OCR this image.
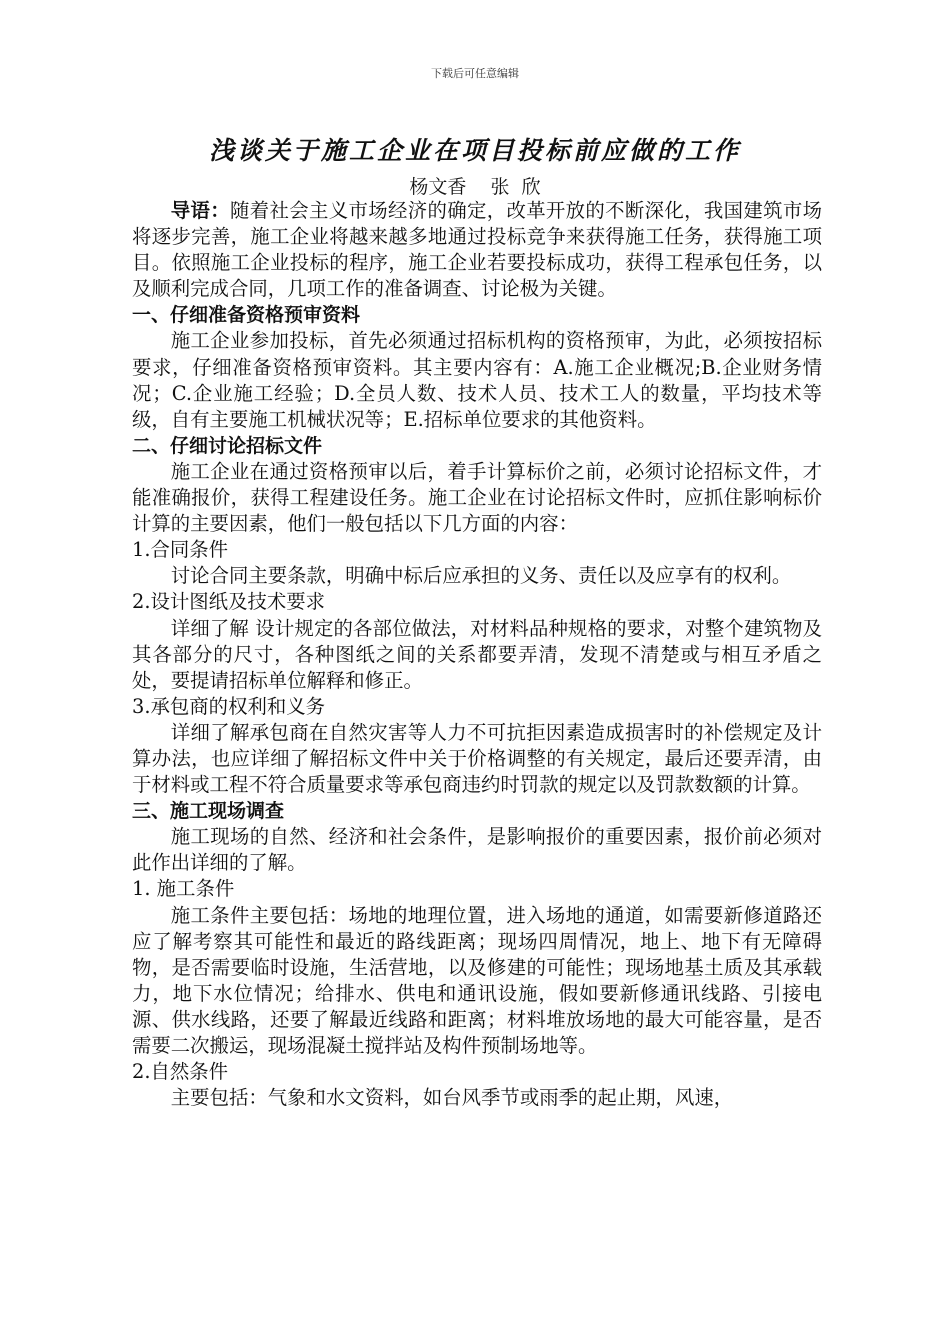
下载后可任意编辑
浅谈关于施工企业在项目投标前应做的工作
杨文香    张  欣

导语：随着社会主义市场经济的确定，改革开放的不断深化，我国建筑市场将逐步完善，施工企业将越来越多地通过投标竞争来获得施工任务，获得施工项目。依照施工企业投标的程序，施工企业若要投标成功，获得工程承包任务，以及顺利完成合同，几项工作的准备调查、讨论极为关键。

一、仔细准备资格预审资料

施工企业参加投标，首先必须通过招标机构的资格预审，为此，必须按招标要求，仔细准备资格预审资料。其主要内容有：A.施工企业概况;B.企业财务情况；C.企业施工经验；D.全员人数、技术人员、技术工人的数量，平均技术等级，自有主要施工机械状况等；E.招标单位要求的其他资料。

二、仔细讨论招标文件

施工企业在通过资格预审以后，着手计算标价之前，必须讨论招标文件，才能准确报价，获得工程建设任务。施工企业在讨论招标文件时，应抓住影响标价计算的主要因素，他们一般包括以下几方面的内容：

1.合同条件

讨论合同主要条款，明确中标后应承担的义务、责任以及应享有的权利。

2.设计图纸及技术要求

详细了解 设计规定的各部位做法，对材料品种规格的要求，对整个建筑物及其各部分的尺寸，各种图纸之间的关系都要弄清，发现不清楚或与相互矛盾之处，要提请招标单位解释和修正。

3.承包商的权利和义务

详细了解承包商在自然灾害等人力不可抗拒因素造成损害时的补偿规定及计算办法，也应详细了解招标文件中关于价格调整的有关规定，最后还要弄清，由于材料或工程不符合质量要求等承包商违约时罚款的规定以及罚款数额的计算。

三、施工现场调查

施工现场的自然、经济和社会条件，是影响报价的重要因素，报价前必须对此作出详细的了解。

1. 施工条件

施工条件主要包括：场地的地理位置，进入场地的通道，如需要新修道路还应了解考察其可能性和最近的路线距离；现场四周情况，地上、地下有无障碍物，是否需要临时设施，生活营地，以及修建的可能性；现场地基土质及其承载力，地下水位情况；给排水、供电和通讯设施，假如要新修通讯线路、引接电源、供水线路，还要了解最近线路和距离；材料堆放场地的最大可能容量，是否需要二次搬运，现场混凝土搅拌站及构件预制场地等。

2.自然条件

主要包括：气象和水文资料，如台风季节或雨季的起止期，风速，
